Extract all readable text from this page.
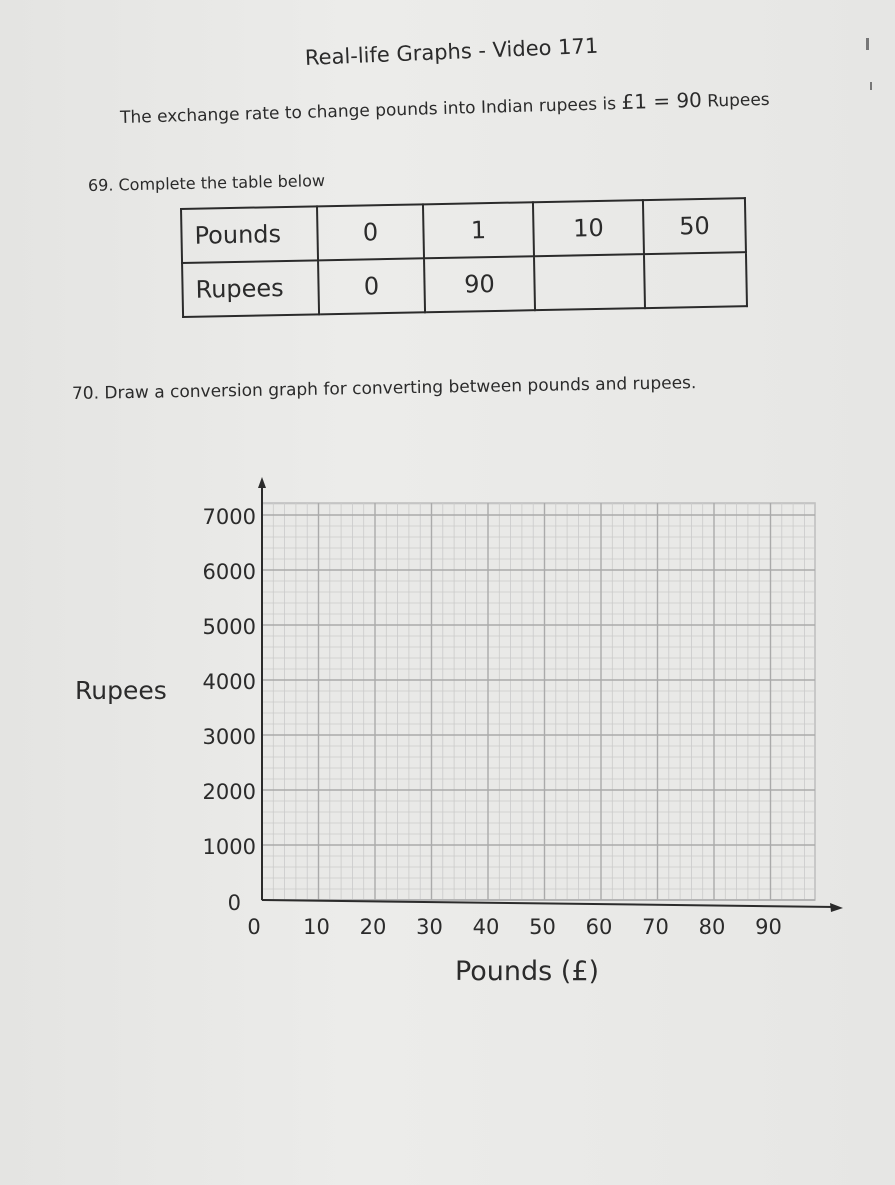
Real-life Graphs - Video 171
The exchange rate to change pounds into Indian rupees is £1 = 90 Rupees
69. Complete the table below
Pounds	0	1	10	50
Rupees	0	90		
70. Draw a conversion graph for converting between pounds and rupees.
0
1000
2000
3000
4000
5000
6000
7000
0 10 20 30 40 50 60 70 80 90
Pounds (£)
Rupees
